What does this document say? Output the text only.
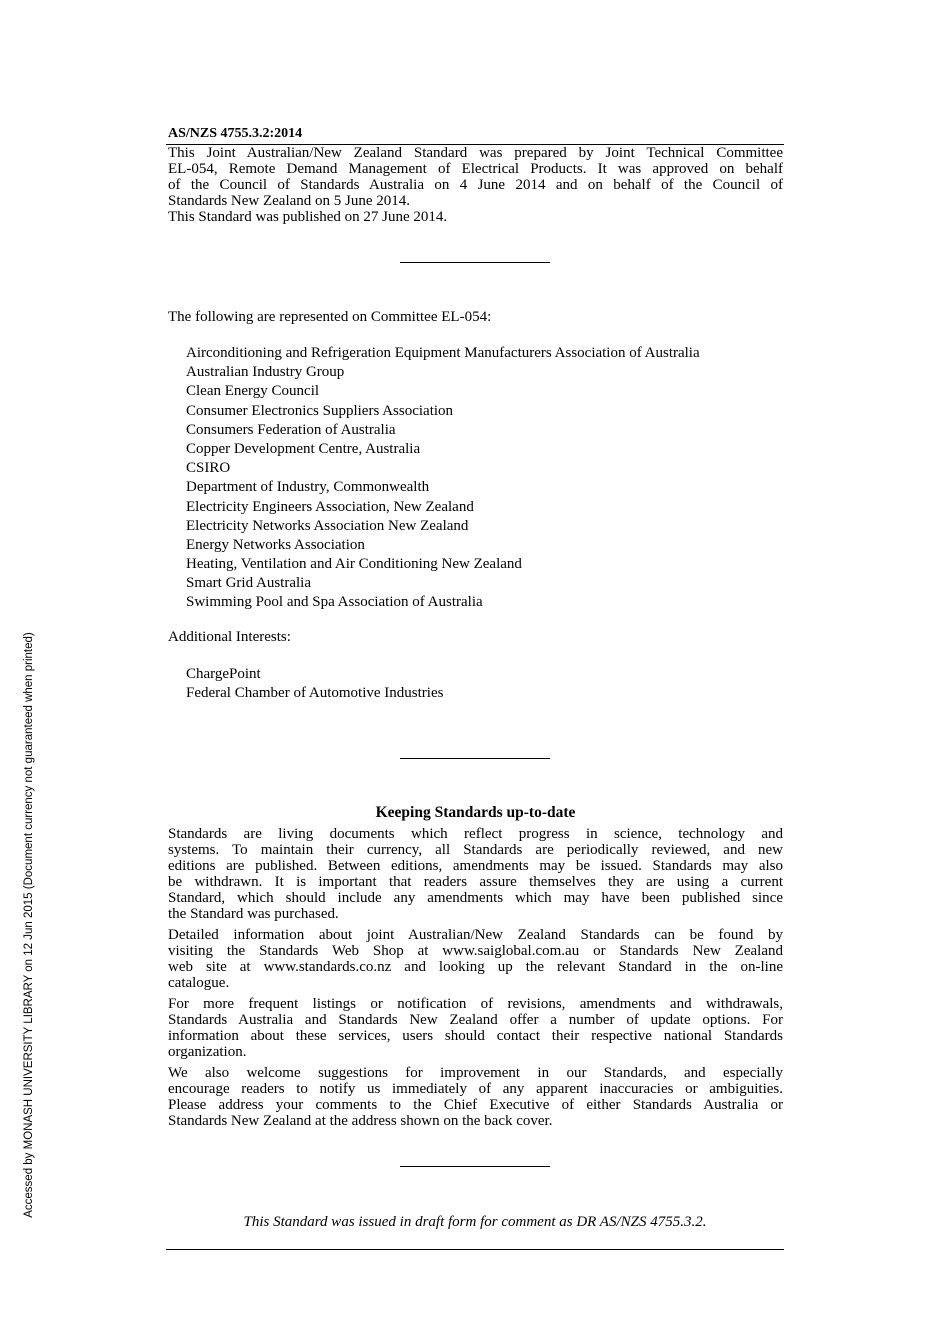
AS/NZS 4755.3.2:2014
This Joint Australian/New Zealand Standard was prepared by Joint Technical Committee
EL-054, Remote Demand Management of Electrical Products. It was approved on behalf
of the Council of Standards Australia on 4 June 2014 and on behalf of the Council of
Standards New Zealand on 5 June 2014.
This Standard was published on 27 June 2014.
The following are represented on Committee EL-054:
Airconditioning and Refrigeration Equipment Manufacturers Association of Australia
Australian Industry Group
Clean Energy Council
Consumer Electronics Suppliers Association
Consumers Federation of Australia
Copper Development Centre, Australia
CSIRO
Department of Industry, Commonwealth
Electricity Engineers Association, New Zealand
Electricity Networks Association New Zealand
Energy Networks Association
Heating, Ventilation and Air Conditioning New Zealand
Smart Grid Australia
Swimming Pool and Spa Association of Australia
Additional Interests:
ChargePoint
Federal Chamber of Automotive Industries
Keeping Standards up-to-date
Standards are living documents which reflect progress in science, technology and
systems. To maintain their currency, all Standards are periodically reviewed, and new
editions are published. Between editions, amendments may be issued. Standards may also
be withdrawn. It is important that readers assure themselves they are using a current
Standard, which should include any amendments which may have been published since
the Standard was purchased.
Detailed information about joint Australian/New Zealand Standards can be found by
visiting the Standards Web Shop at www.saiglobal.com.au or Standards New Zealand
web site at www.standards.co.nz and looking up the relevant Standard in the on-line
catalogue.
For more frequent listings or notification of revisions, amendments and withdrawals,
Standards Australia and Standards New Zealand offer a number of update options. For
information about these services, users should contact their respective national Standards
organization.
We also welcome suggestions for improvement in our Standards, and especially
encourage readers to notify us immediately of any apparent inaccuracies or ambiguities.
Please address your comments to the Chief Executive of either Standards Australia or
Standards New Zealand at the address shown on the back cover.
This Standard was issued in draft form for comment as DR AS/NZS 4755.3.2.
Accessed by MONASH UNIVERSITY LIBRARY on 12 Jun 2015 (Document currency not guaranteed when printed)
